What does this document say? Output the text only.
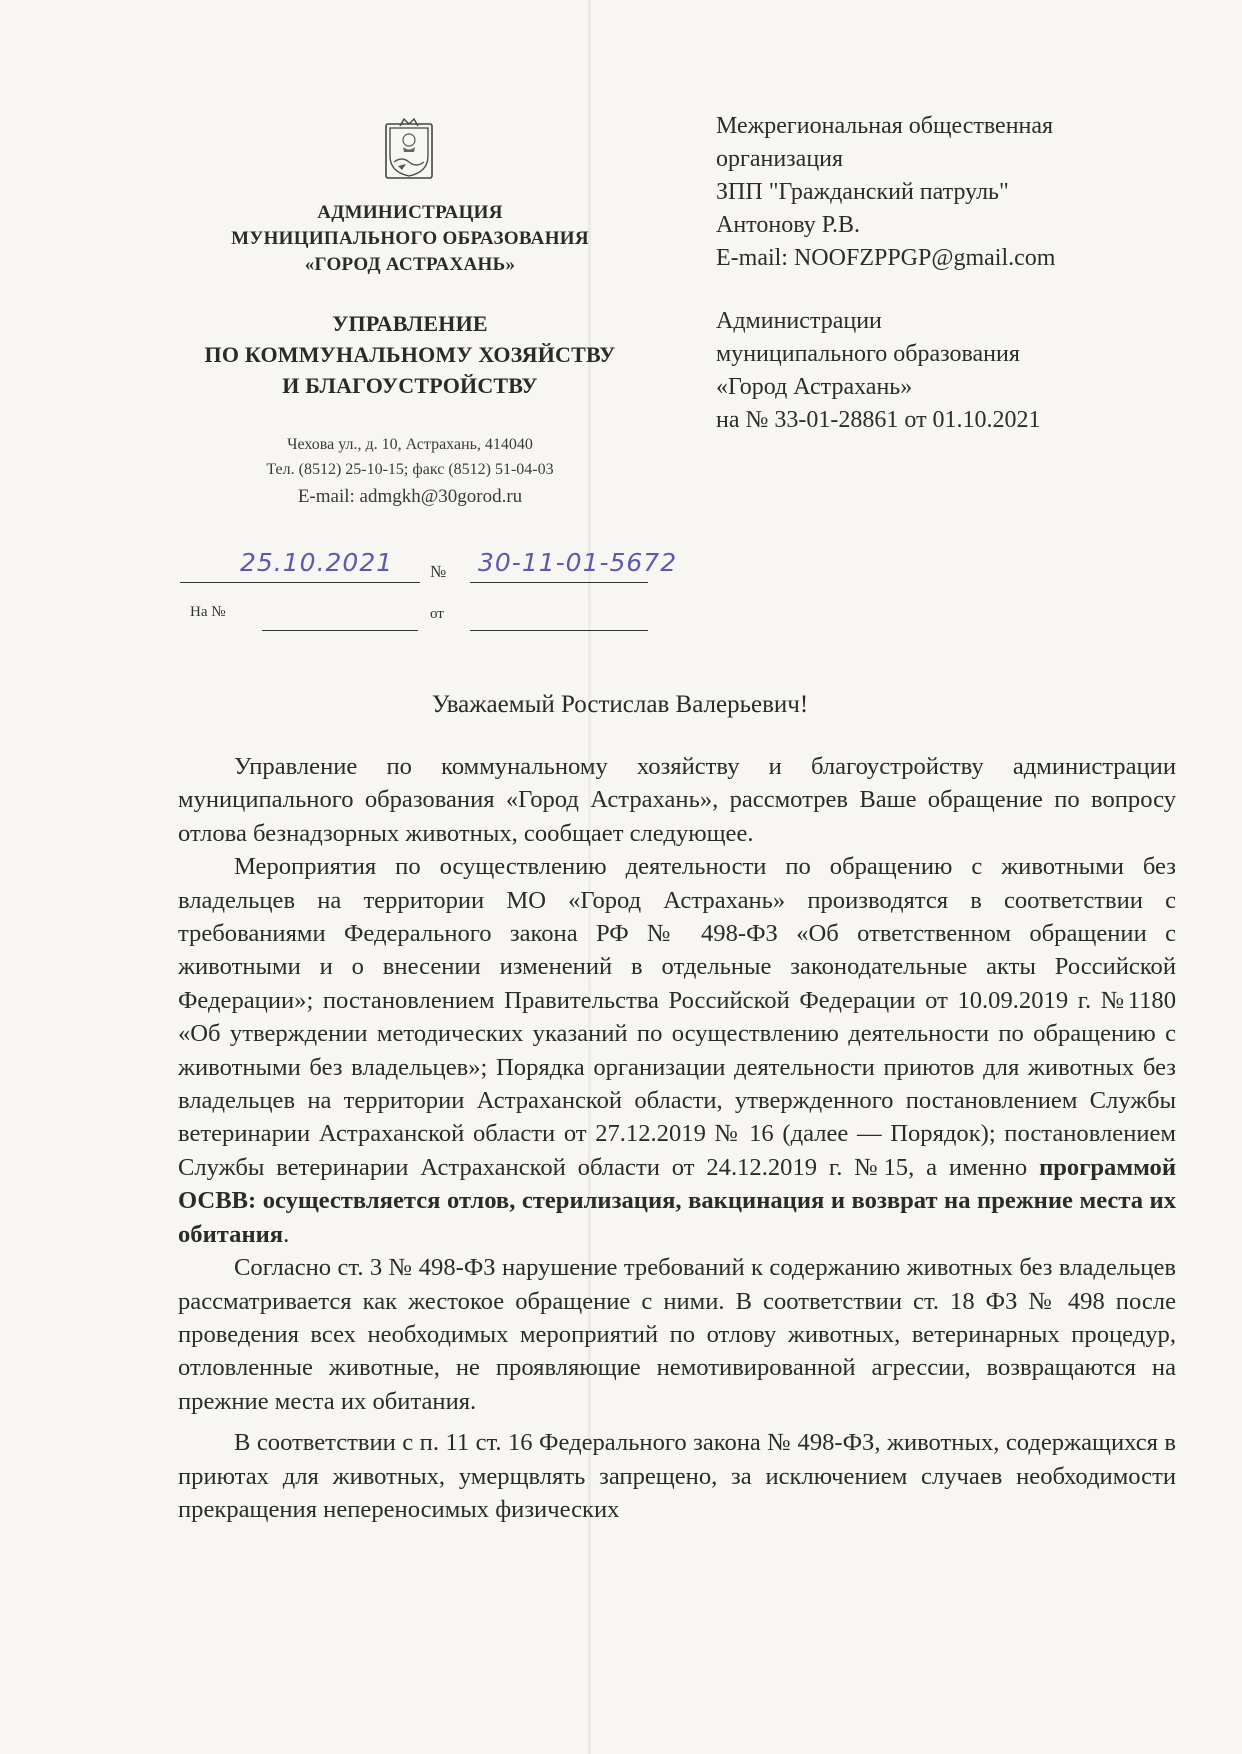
АДМИНИСТРАЦИЯ
МУНИЦИПАЛЬНОГО ОБРАЗОВАНИЯ
«ГОРОД АСТРАХАНЬ»
УПРАВЛЕНИЕ
ПО КОММУНАЛЬНОМУ ХОЗЯЙСТВУ
И БЛАГОУСТРОЙСТВУ
Чехова ул., д. 10, Астрахань, 414040
Тел. (8512) 25-10-15; факс (8512) 51-04-03
E-mail: admgkh@30gorod.ru
25.10.2021 № 30-11-01-5672
На №	от
Межрегиональная общественная
организация
ЗПП "Гражданский патруль"
Антонову Р.В.
E-mail: NOOFZPPGP@gmail.com
Администрации
муниципального образования
«Город Астрахань»
на № 33-01-28861 от 01.10.2021
Уважаемый Ростислав Валерьевич!

Управление по коммунальному хозяйству и благоустройству администрации муниципального образования «Город Астрахань», рассмотрев Ваше обращение по вопросу отлова безнадзорных животных, сообщает следующее.

Мероприятия по осуществлению деятельности по обращению с животными без владельцев на территории МО «Город Астрахань» производятся в соответствии с требованиями Федерального закона РФ № 498-ФЗ «Об ответственном обращении с животными и о внесении изменений в отдельные законодательные акты Российской Федерации»; постановлением Правительства Российской Федерации от 10.09.2019 г. №1180 «Об утверждении методических указаний по осуществлению деятельности по обращению с животными без владельцев»; Порядка организации деятельности приютов для животных без владельцев на территории Астраханской области, утвержденного постановлением Службы ветеринарии Астраханской области от 27.12.2019 № 16 (далее — Порядок); постановлением Службы ветеринарии Астраханской области от 24.12.2019 г. №15, а именно программой ОСВВ: осуществляется отлов, стерилизация, вакцинация и возврат на прежние места их обитания.

Согласно ст. 3 № 498-ФЗ нарушение требований к содержанию животных без владельцев рассматривается как жестокое обращение с ними. В соответствии ст. 18 ФЗ № 498 после проведения всех необходимых мероприятий по отлову животных, ветеринарных процедур, отловленные животные, не проявляющие немотивированной агрессии, возвращаются на прежние места их обитания.

В соответствии с п. 11 ст. 16 Федерального закона № 498-ФЗ, животных, содержащихся в приютах для животных, умерщвлять запрещено, за исключением случаев необходимости прекращения непереносимых физических
